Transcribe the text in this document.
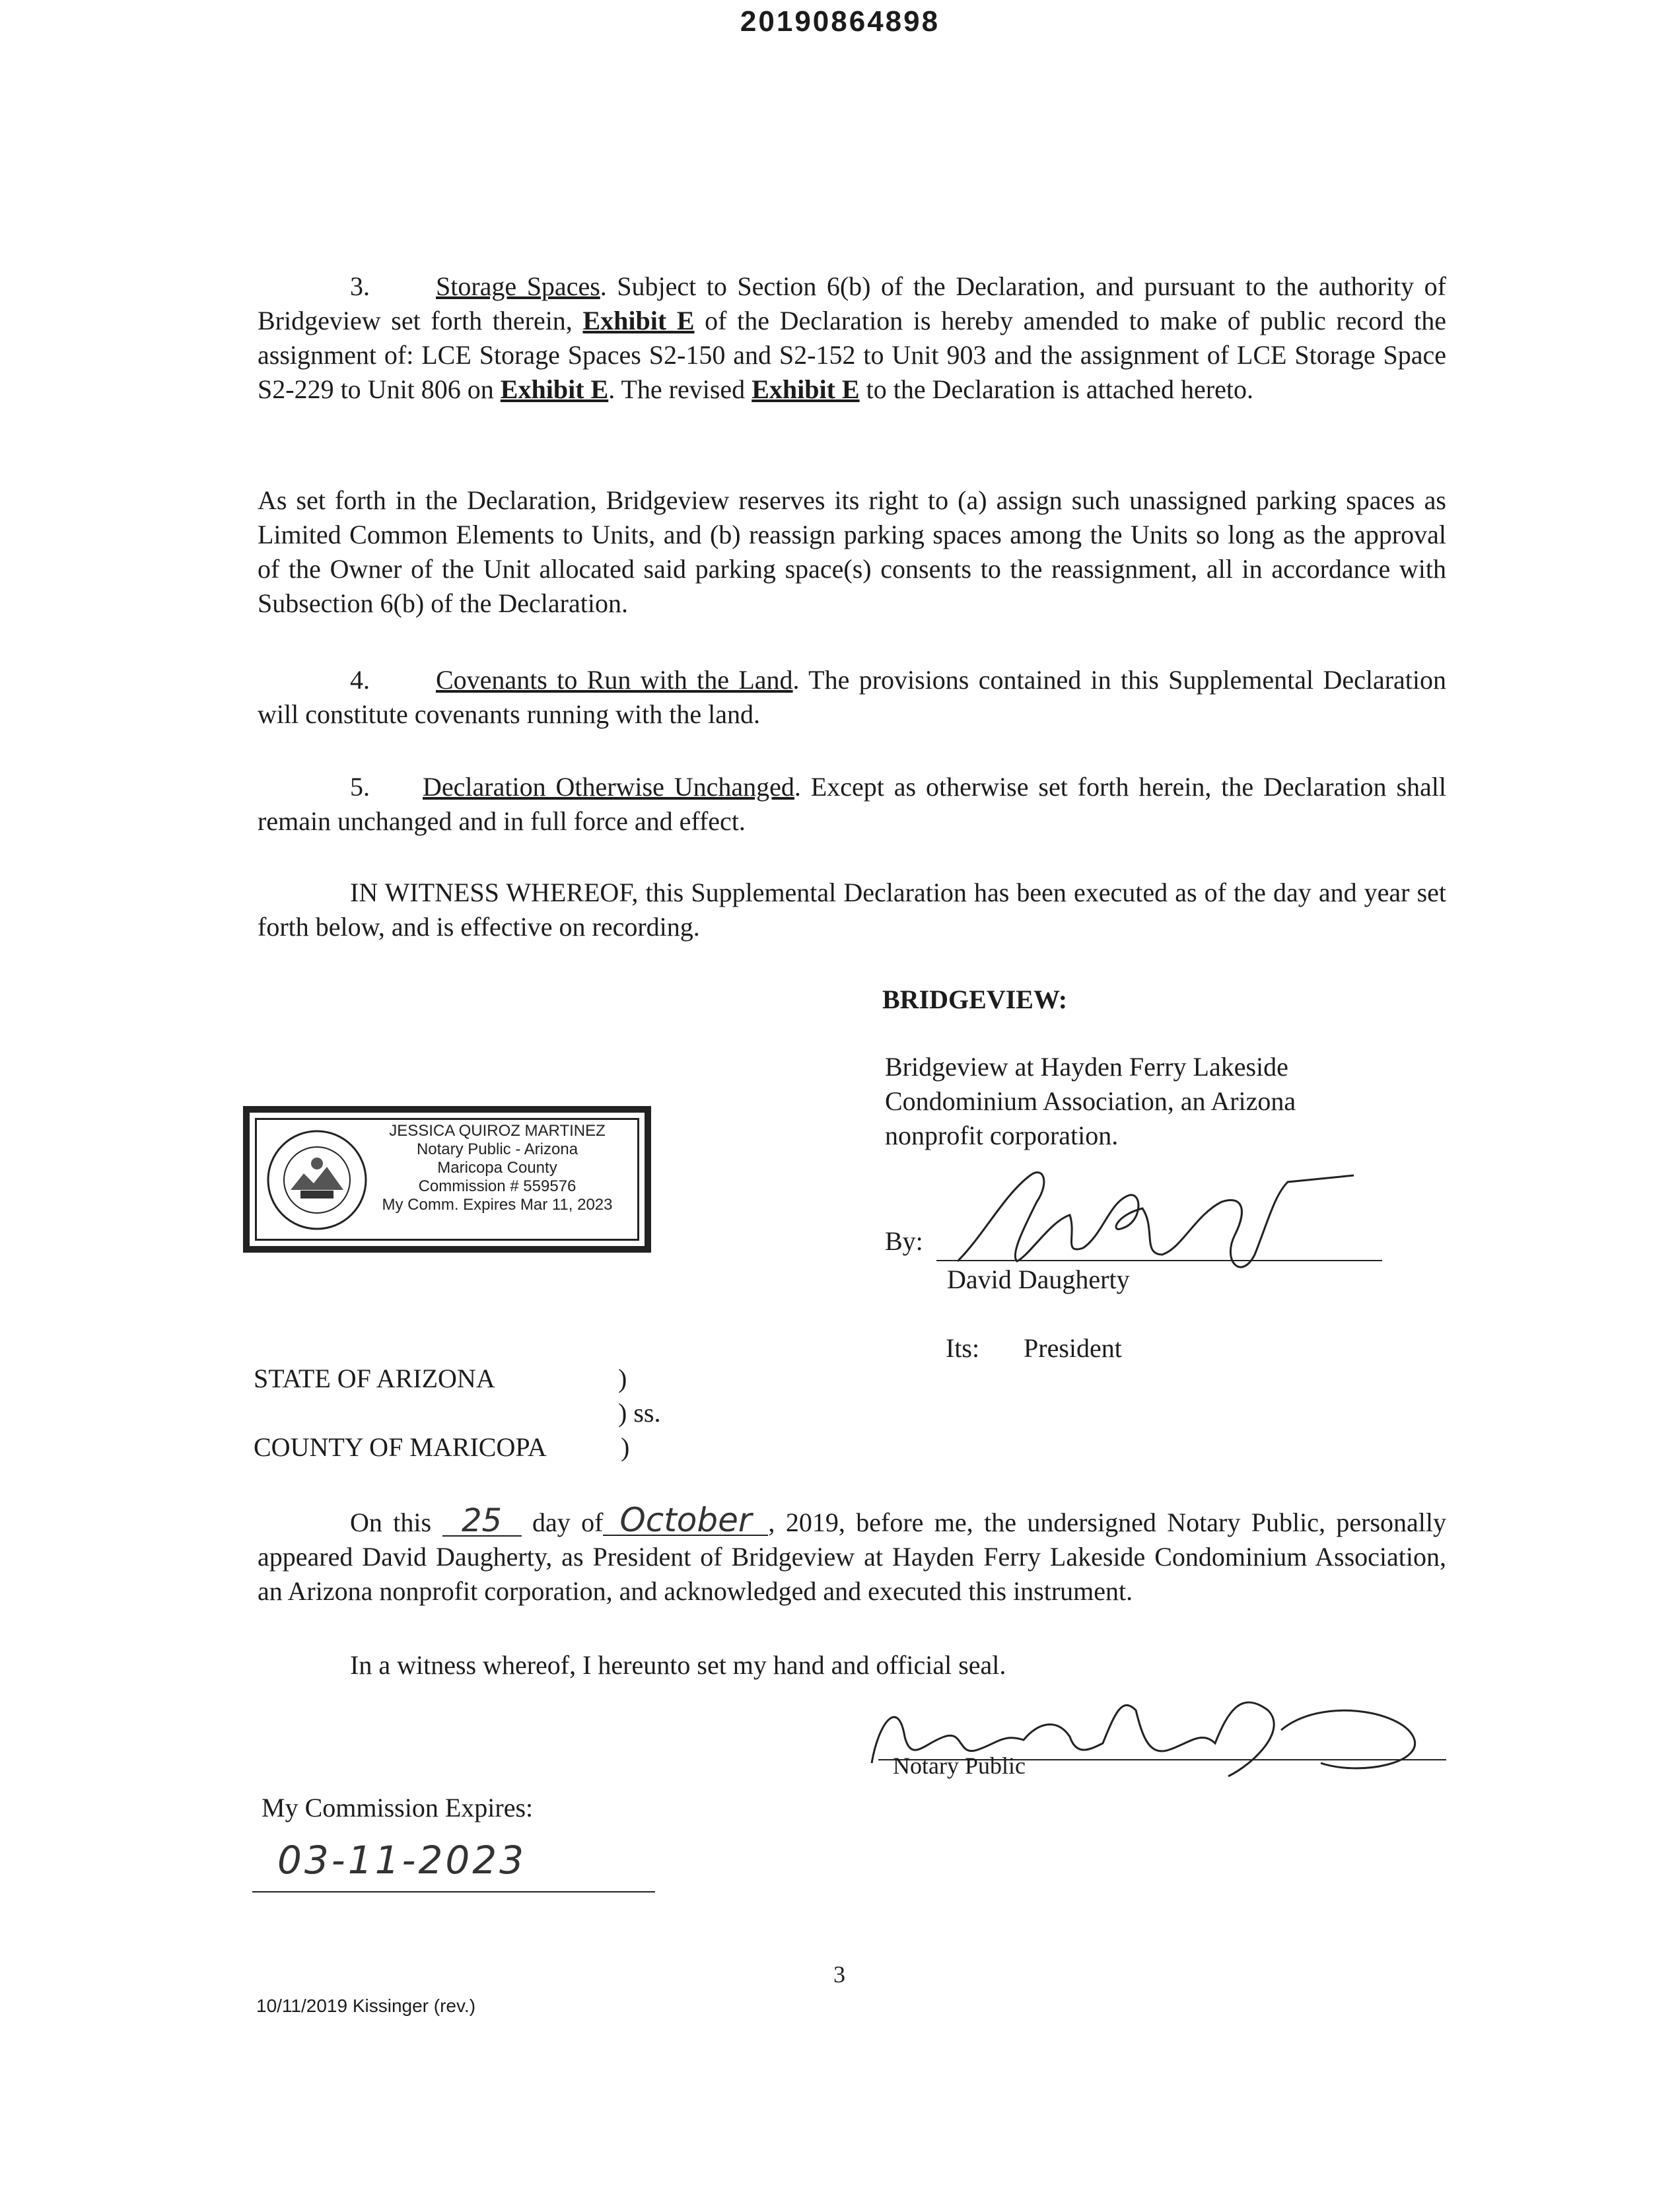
20190864898

3.	Storage Spaces. Subject to Section 6(b) of the Declaration, and pursuant to the authority of Bridgeview set forth therein, Exhibit E of the Declaration is hereby amended to make of public record the assignment of: LCE Storage Spaces S2-150 and S2-152 to Unit 903 and the assignment of LCE Storage Space S2-229 to Unit 806 on Exhibit E. The revised Exhibit E to the Declaration is attached hereto.

As set forth in the Declaration, Bridgeview reserves its right to (a) assign such unassigned parking spaces as Limited Common Elements to Units, and (b) reassign parking spaces among the Units so long as the approval of the Owner of the Unit allocated said parking space(s) consents to the reassignment, all in accordance with Subsection 6(b) of the Declaration.

4.	Covenants to Run with the Land. The provisions contained in this Supplemental Declaration will constitute covenants running with the land.

5. Declaration Otherwise Unchanged. Except as otherwise set forth herein, the Declaration shall remain unchanged and in full force and effect.

IN WITNESS WHEREOF, this Supplemental Declaration has been executed as of the day and year set forth below, and is effective on recording.

BRIDGEVIEW:
Bridgeview at Hayden Ferry Lakeside
Condominium Association, an Arizona
nonprofit corporation.
By:
David Daugherty
Its: President
JESSICA QUIROZ MARTINEZ
Notary Public - Arizona
Maricopa County
Commission # 559576
My Comm. Expires Mar 11, 2023
STATE OF ARIZONA	)
) ss.
COUNTY OF MARICOPA	)

On this 25 day of October , 2019, before me, the undersigned Notary Public, personally appeared David Daugherty, as President of Bridgeview at Hayden Ferry Lakeside Condominium Association, an Arizona nonprofit corporation, and acknowledged and executed this instrument.

In a witness whereof, I hereunto set my hand and official seal.

Notary Public
My Commission Expires:
03-11-2023
3
10/11/2019 Kissinger (rev.)
